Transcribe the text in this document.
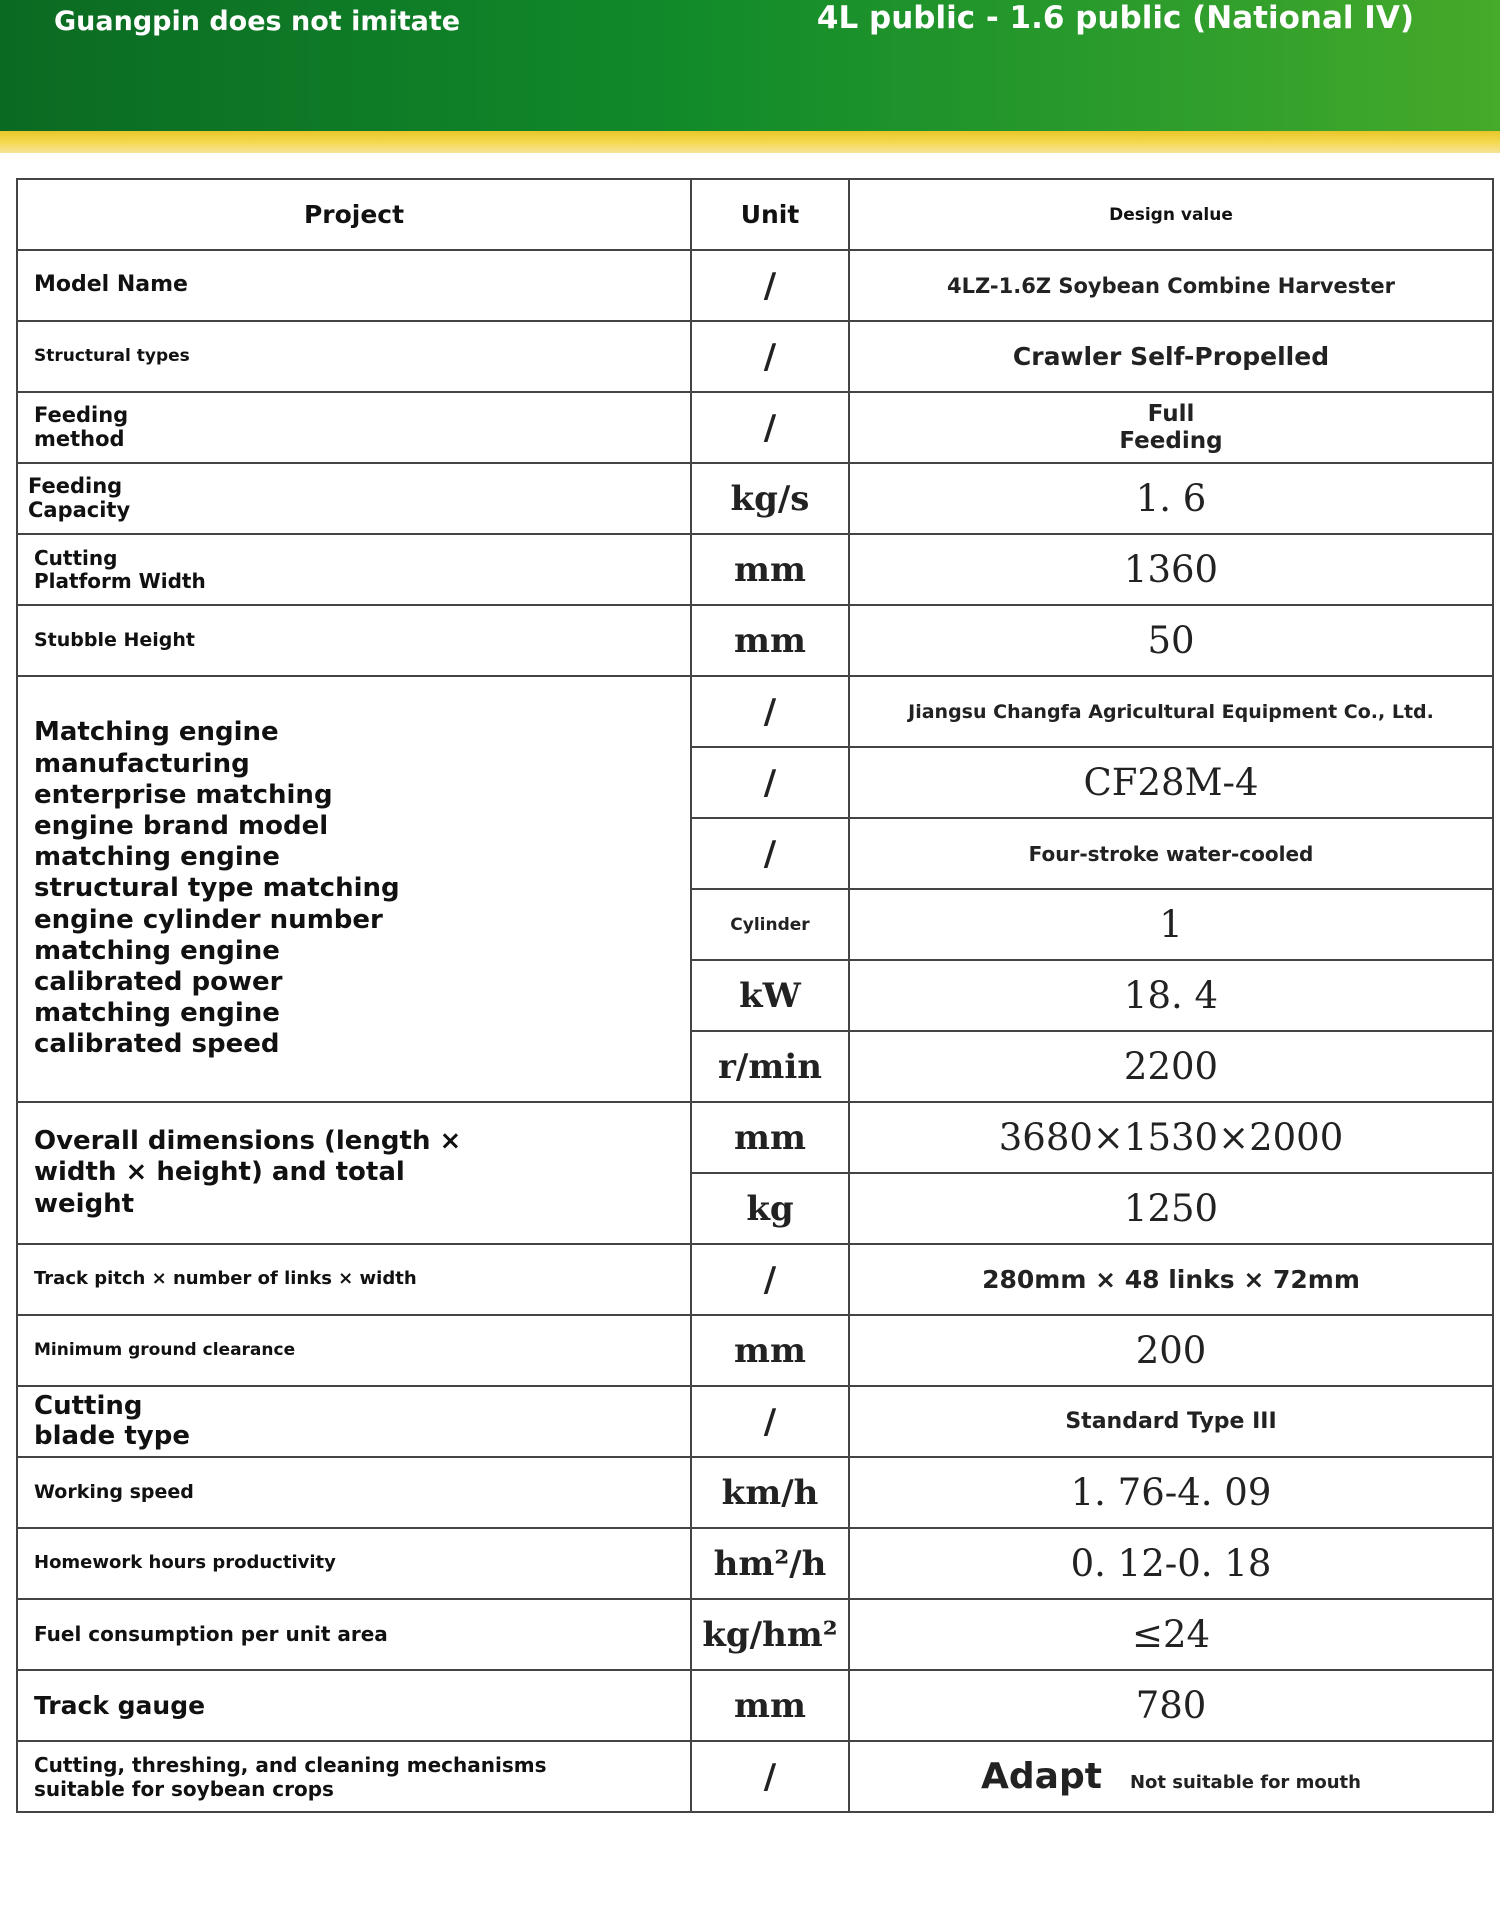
Guangpin does not imitate	4L public - 1.6 public (National IV)
Project	Unit	Design value
Model Name	/	4LZ-1.6Z Soybean Combine Harvester
Structural types	/	Crawler Self-Propelled

Feeding method	/	Full Feeding

Feeding Capacity	kg/s	1. 6

Cutting Platform Width	mm	1360
Stubble Height	mm	50

Matching engine manufacturing enterprise matching engine brand model matching engine structural type matching engine cylinder number matching engine calibrated power matching engine calibrated speed	/	Jiangsu Changfa Agricultural Equipment Co., Ltd.
	/	CF28M-4
	/	Four-stroke water-cooled
	Cylinder	1
	kW	18. 4
	r/min	2200

Overall dimensions (length × width × height) and total weight	mm	3680×1530×2000
	kg	1250
Track pitch × number of links × width	/	280mm × 48 links × 72mm
Minimum ground clearance	mm	200

Cutting blade type	/	Standard Type III
Working speed	km/h	1. 76-4. 09
Homework hours productivity	hm²/h	0. 12-0. 18
Fuel consumption per unit area	kg/hm²	≤24
Track gauge	mm	780

Cutting, threshing, and cleaning mechanisms suitable for soybean crops	/	Adapt Not suitable for mouth
